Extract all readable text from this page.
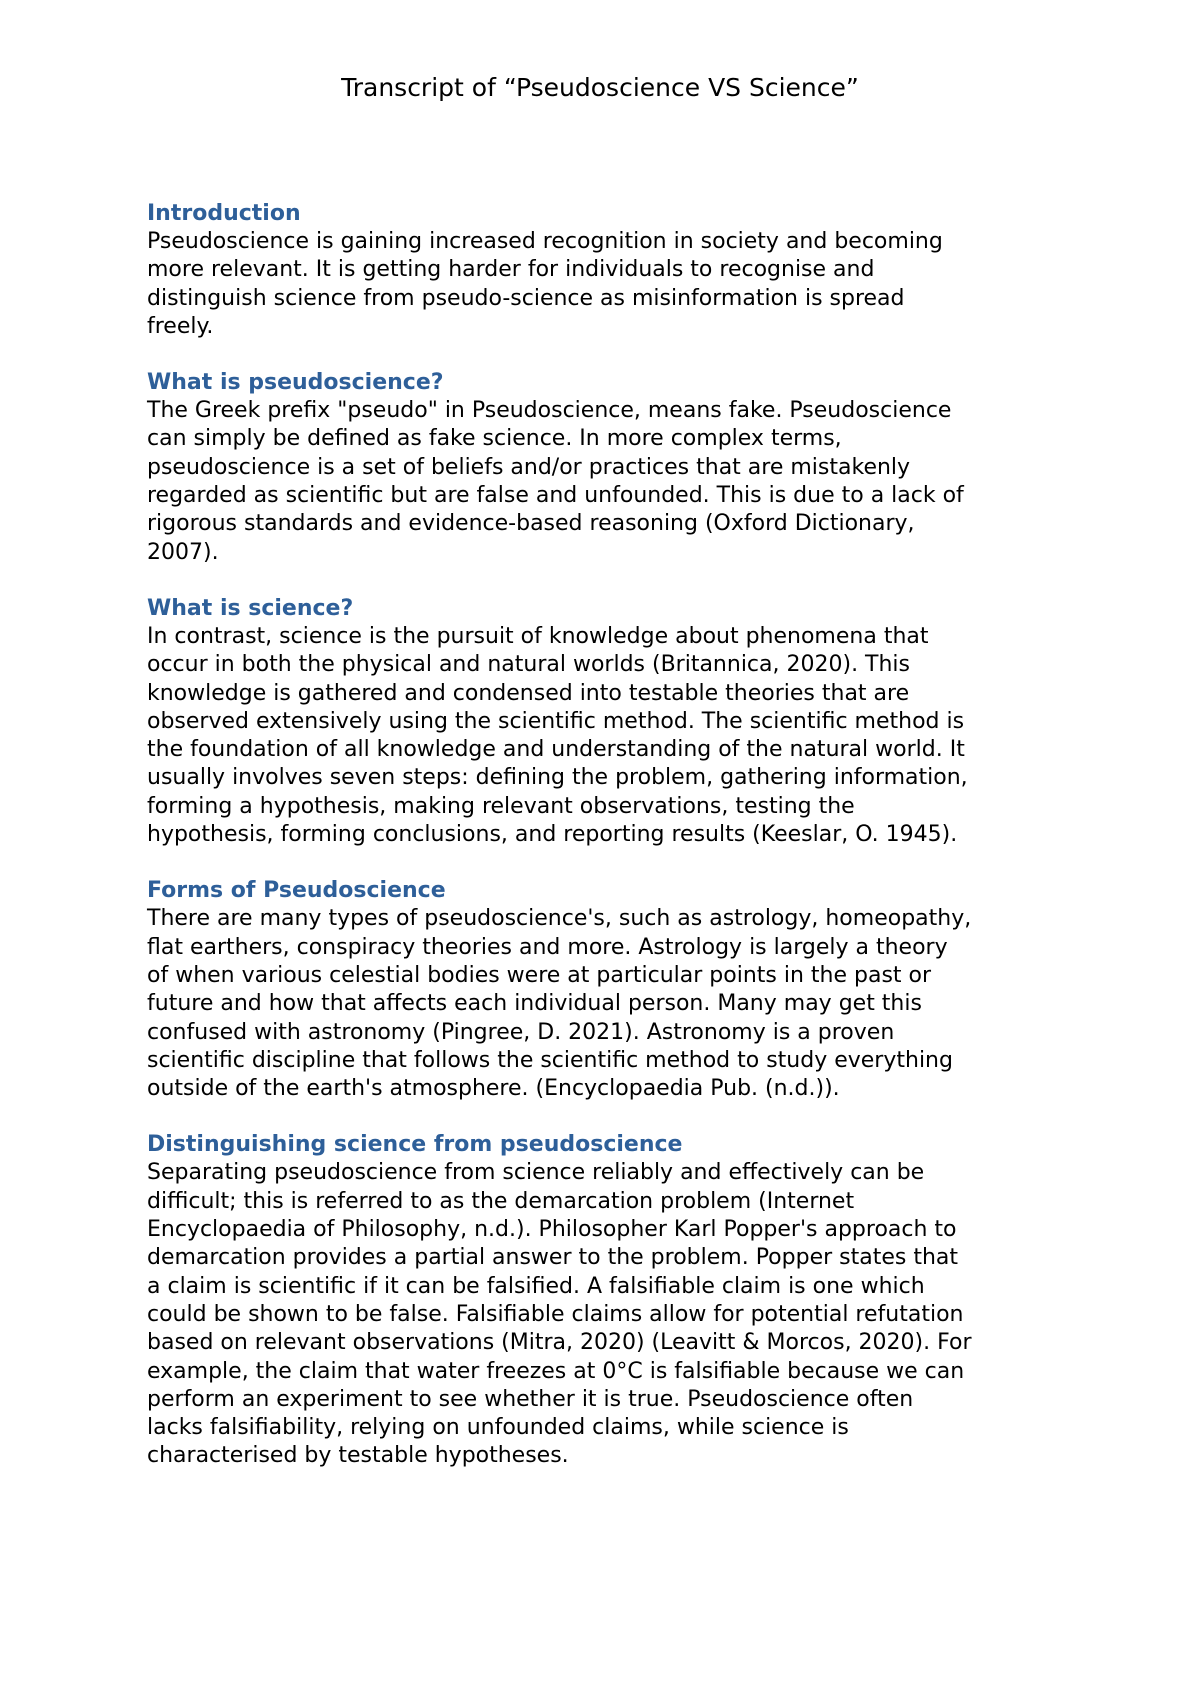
Transcript of “Pseudoscience VS Science”
Introduction

Pseudoscience is gaining increased recognition in society and becoming
more relevant. It is getting harder for individuals to recognise and
distinguish science from pseudo-science as misinformation is spread
freely.

What is pseudoscience?

The Greek prefix "pseudo" in Pseudoscience, means fake. Pseudoscience
can simply be defined as fake science. In more complex terms,
pseudoscience is a set of beliefs and/or practices that are mistakenly
regarded as scientific but are false and unfounded. This is due to a lack of
rigorous standards and evidence-based reasoning (Oxford Dictionary,
2007).

What is science?

In contrast, science is the pursuit of knowledge about phenomena that
occur in both the physical and natural worlds (Britannica, 2020). This
knowledge is gathered and condensed into testable theories that are
observed extensively using the scientific method. The scientific method is
the foundation of all knowledge and understanding of the natural world. It
usually involves seven steps: defining the problem, gathering information,
forming a hypothesis, making relevant observations, testing the
hypothesis, forming conclusions, and reporting results (Keeslar, O. 1945).

Forms of Pseudoscience

There are many types of pseudoscience's, such as astrology, homeopathy,
flat earthers, conspiracy theories and more. Astrology is largely a theory
of when various celestial bodies were at particular points in the past or
future and how that affects each individual person. Many may get this
confused with astronomy (Pingree, D. 2021). Astronomy is a proven
scientific discipline that follows the scientific method to study everything
outside of the earth's atmosphere. (Encyclopaedia Pub. (n.d.)).

Distinguishing science from pseudoscience

Separating pseudoscience from science reliably and effectively can be
difficult; this is referred to as the demarcation problem (Internet
Encyclopaedia of Philosophy, n.d.). Philosopher Karl Popper's approach to
demarcation provides a partial answer to the problem. Popper states that
a claim is scientific if it can be falsified. A falsifiable claim is one which
could be shown to be false. Falsifiable claims allow for potential refutation
based on relevant observations (Mitra, 2020) (Leavitt & Morcos, 2020). For
example, the claim that water freezes at 0°C is falsifiable because we can
perform an experiment to see whether it is true. Pseudoscience often
lacks falsifiability, relying on unfounded claims, while science is
characterised by testable hypotheses.
